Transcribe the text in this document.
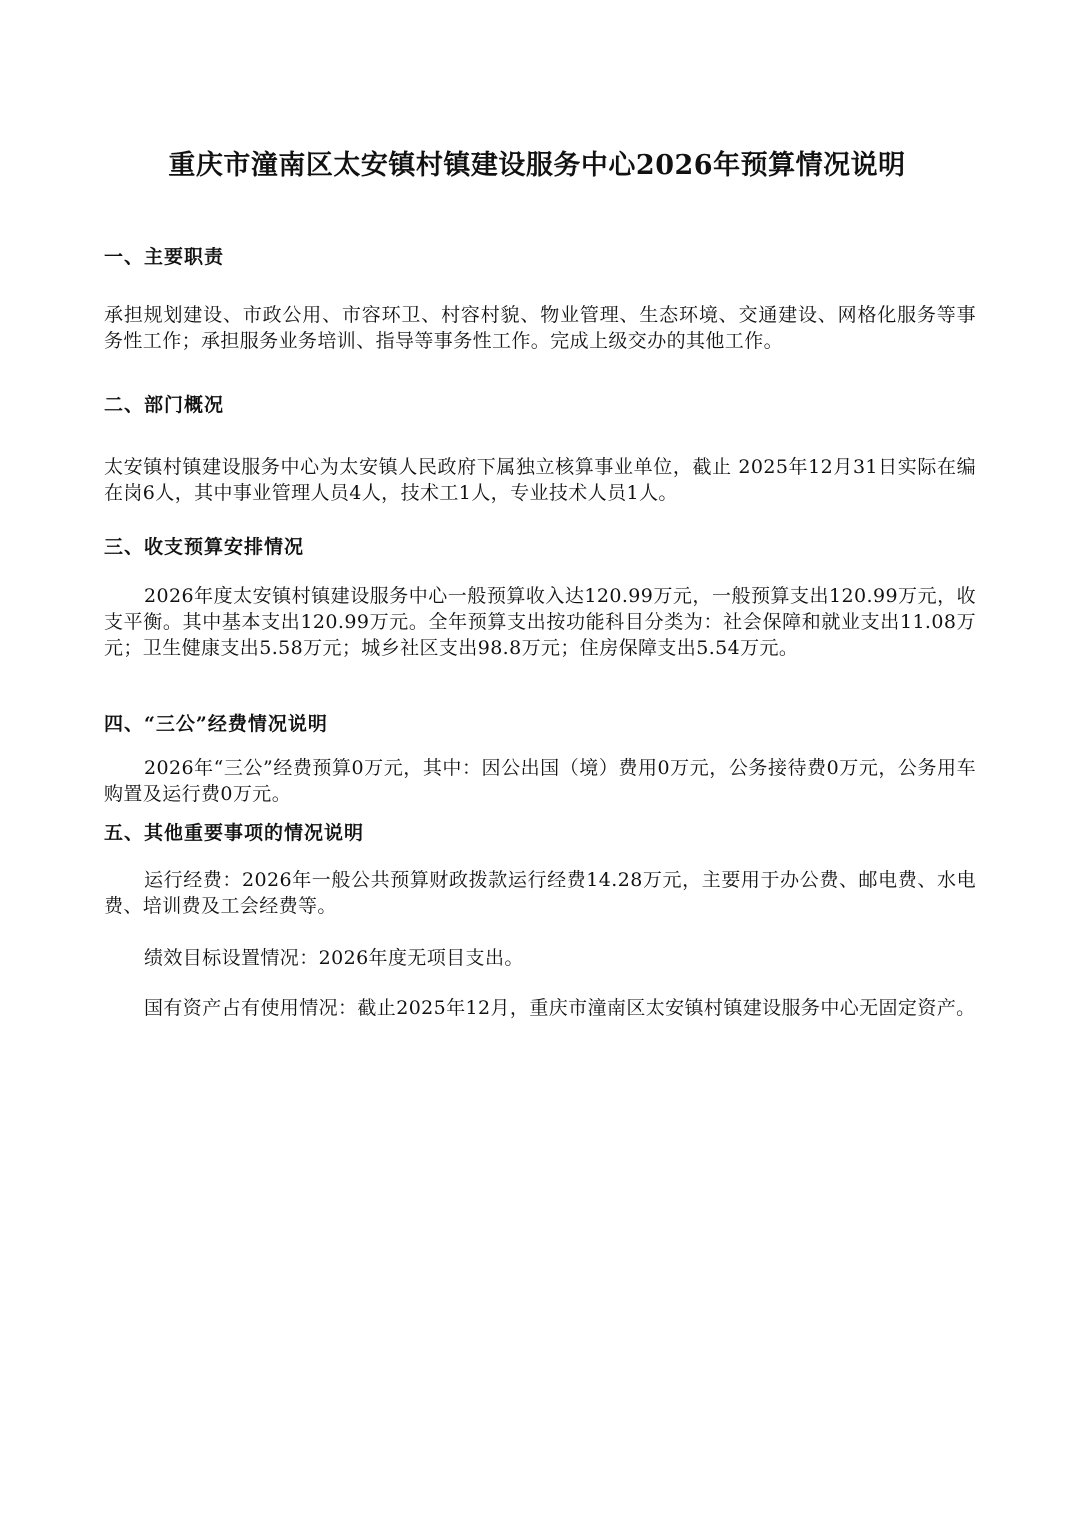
重庆市潼南区太安镇村镇建设服务中心2026年预算情况说明
一、主要职责
承担规划建设、市政公用、市容环卫、村容村貌、物业管理、生态环境、交通建设、网格化服务等事务性工作；承担服务业务培训、指导等事务性工作。完成上级交办的其他工作。
二、部门概况
太安镇村镇建设服务中心为太安镇人民政府下属独立核算事业单位，截止 2025年12月31日实际在编在岗6人，其中事业管理人员4人，技术工1人，专业技术人员1人。
三、收支预算安排情况
2026年度太安镇村镇建设服务中心一般预算收入达120.99万元，一般预算支出120.99万元，收支平衡。其中基本支出120.99万元。全年预算支出按功能科目分类为：社会保障和就业支出11.08万元；卫生健康支出5.58万元；城乡社区支出98.8万元；住房保障支出5.54万元。
四、“三公”经费情况说明
2026年“三公”经费预算0万元，其中：因公出国（境）费用0万元，公务接待费0万元，公务用车购置及运行费0万元。
五、其他重要事项的情况说明
运行经费：2026年一般公共预算财政拨款运行经费14.28万元，主要用于办公费、邮电费、水电费、培训费及工会经费等。
绩效目标设置情况：2026年度无项目支出。
国有资产占有使用情况：截止2025年12月，重庆市潼南区太安镇村镇建设服务中心无固定资产。
